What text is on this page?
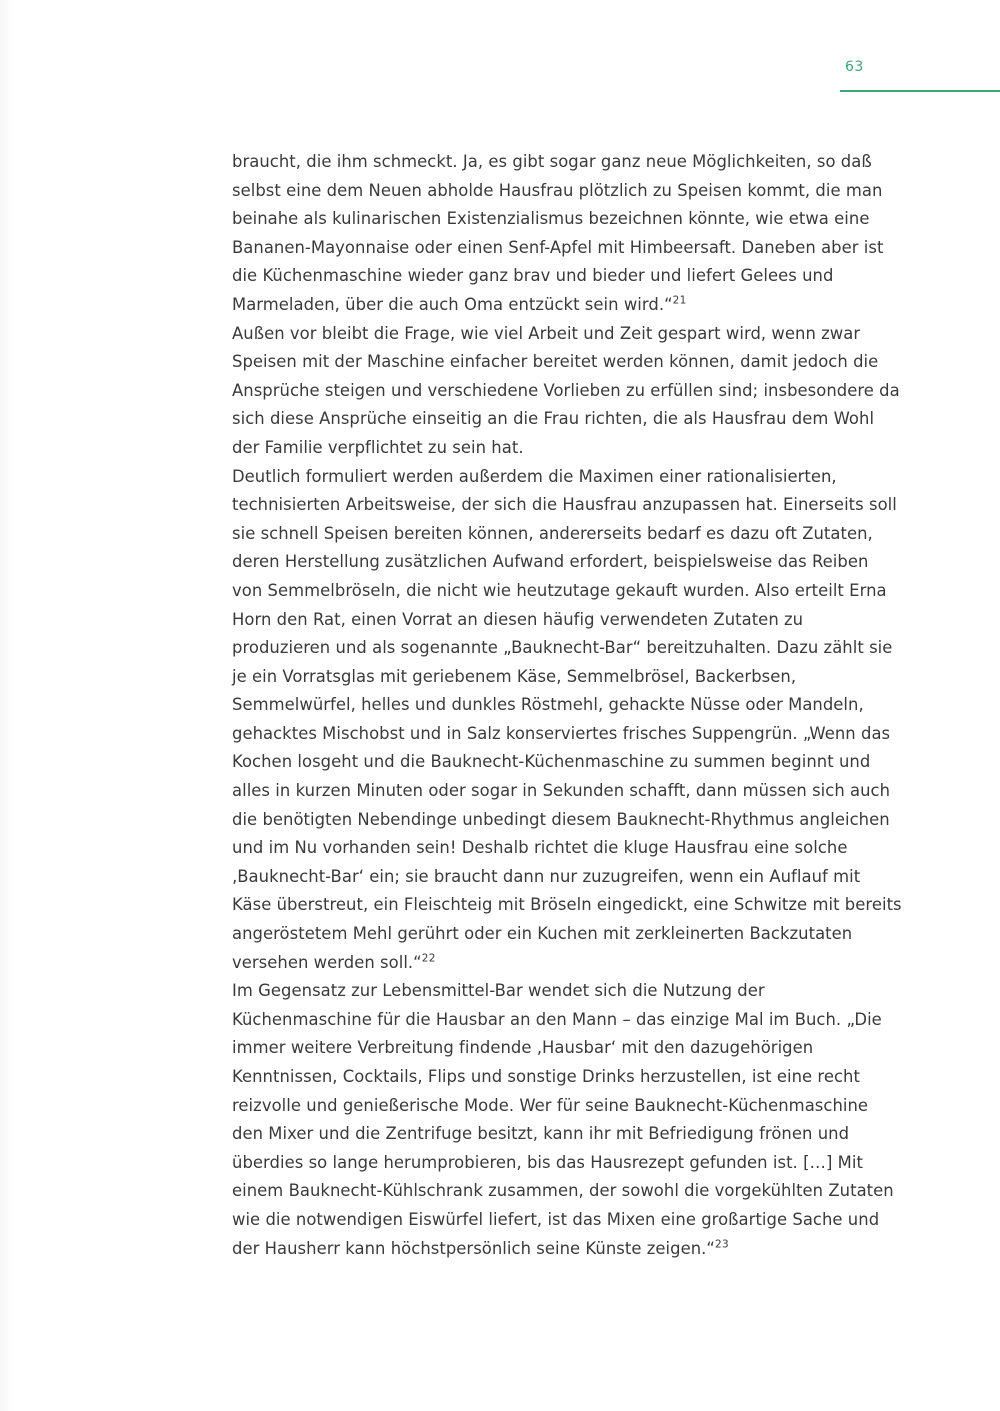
63

braucht, die ihm schmeckt. Ja, es gibt sogar ganz neue Möglichkeiten, so daß selbst eine dem Neuen abholde Hausfrau plötzlich zu Speisen kommt, die man beinahe als kulinarischen Existenzialismus bezeichnen könnte, wie etwa eine Bananen-Mayonnaise oder einen Senf-Apfel mit Himbeersaft. Daneben aber ist die Küchenmaschine wieder ganz brav und bieder und liefert Gelees und Marmeladen, über die auch Oma entzückt sein wird.“$^{21}$

Außen vor bleibt die Frage, wie viel Arbeit und Zeit gespart wird, wenn zwar Speisen mit der Maschine einfacher bereitet werden können, damit jedoch die Ansprüche steigen und verschiedene Vorlieben zu erfüllen sind; insbesondere da sich diese Ansprüche einseitig an die Frau richten, die als Hausfrau dem Wohl der Familie verpflichtet zu sein hat.

Deutlich formuliert werden außerdem die Maximen einer rationalisierten, technisierten Arbeitsweise, der sich die Hausfrau anzupassen hat. Einerseits soll sie schnell Speisen bereiten können, andererseits bedarf es dazu oft Zutaten, deren Herstellung zusätzlichen Aufwand erfordert, beispielsweise das Reiben von Semmelbröseln, die nicht wie heutzutage gekauft wurden. Also erteilt Erna Horn den Rat, einen Vorrat an diesen häufig verwendeten Zutaten zu produzieren und als sogenannte „Bauknecht-Bar“ bereitzuhalten. Dazu zählt sie je ein Vorratsglas mit geriebenem Käse, Semmelbrösel, Backerbsen, Semmelwürfel, helles und dunkles Röstmehl, gehackte Nüsse oder Mandeln, gehacktes Mischobst und in Salz konserviertes frisches Suppengrün. „Wenn das Kochen losgeht und die Bauknecht-Küchenmaschine zu summen beginnt und alles in kurzen Minuten oder sogar in Sekunden schafft, dann müssen sich auch die benötigten Nebendinge unbedingt diesem Bauknecht-Rhythmus angleichen und im Nu vorhanden sein! Deshalb richtet die kluge Hausfrau eine solche ‚Bauknecht-Bar‘ ein; sie braucht dann nur zuzugreifen, wenn ein Auflauf mit Käse überstreut, ein Fleischteig mit Bröseln eingedickt, eine Schwitze mit bereits angeröstetem Mehl gerührt oder ein Kuchen mit zerkleinerten Backzutaten versehen werden soll.“$^{22}$

Im Gegensatz zur Lebensmittel-Bar wendet sich die Nutzung der Küchenmaschine für die Hausbar an den Mann – das einzige Mal im Buch. „Die immer weitere Verbreitung findende ‚Hausbar‘ mit den dazugehörigen Kenntnissen, Cocktails, Flips und sonstige Drinks herzustellen, ist eine recht reizvolle und genießerische Mode. Wer für seine Bauknecht-Küchenmaschine den Mixer und die Zentrifuge besitzt, kann ihr mit Befriedigung frönen und überdies so lange herumprobieren, bis das Hausrezept gefunden ist. […] Mit einem Bauknecht-Kühlschrank zusammen, der sowohl die vorgekühlten Zutaten wie die notwendigen Eiswürfel liefert, ist das Mixen eine großartige Sache und der Hausherr kann höchstpersönlich seine Künste zeigen.“$^{23}$
